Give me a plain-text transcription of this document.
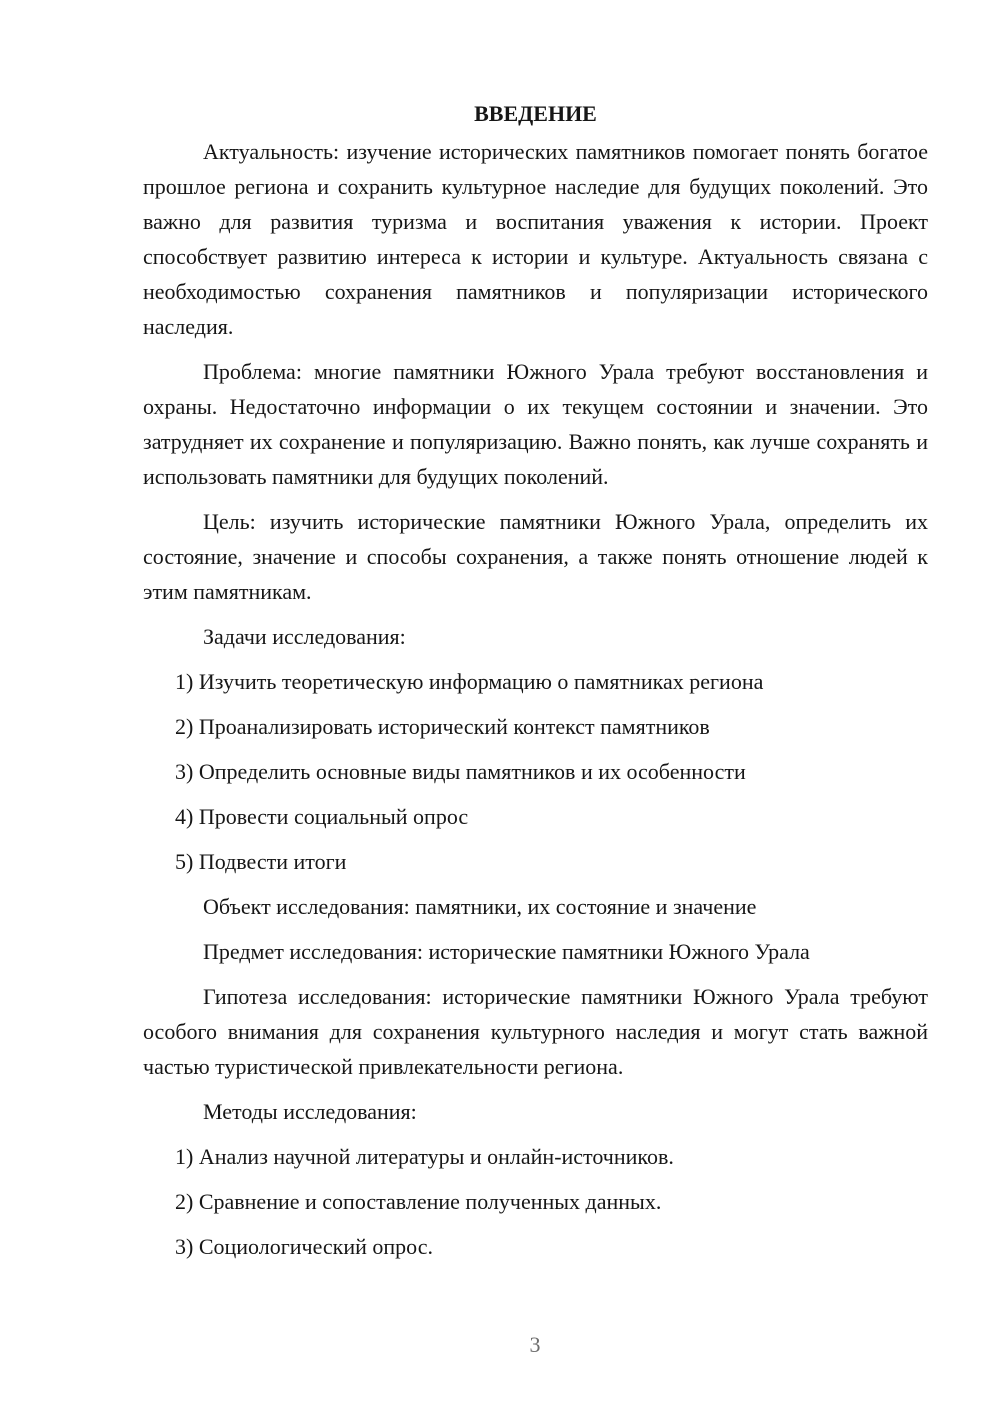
ВВЕДЕНИЕ

Актуальность: изучение исторических памятников помогает понять богатое прошлое региона и сохранить культурное наследие для будущих поколений. Это важно для развития туризма и воспитания уважения к истории. Проект способствует развитию интереса к истории и культуре. Актуальность связана с необходимостью сохранения памятников и популяризации исторического наследия.

Проблема: многие памятники Южного Урала требуют восстановления и охраны. Недостаточно информации о их текущем состоянии и значении. Это затрудняет их сохранение и популяризацию. Важно понять, как лучше сохранять и использовать памятники для будущих поколений.

Цель: изучить исторические памятники Южного Урала, определить их состояние, значение и способы сохранения, а также понять отношение людей к этим памятникам.

Задачи исследования:
1) Изучить теоретическую информацию о памятниках региона
2) Проанализировать исторический контекст памятников
3) Определить основные виды памятников и их особенности
4) Провести социальный опрос
5) Подвести итоги
Объект исследования: памятники, их состояние и значение
Предмет исследования: исторические памятники Южного Урала

Гипотеза исследования: исторические памятники Южного Урала требуют особого внимания для сохранения культурного наследия и могут стать важной частью туристической привлекательности региона.

Методы исследования:
1) Анализ научной литературы и онлайн-источников.
2) Сравнение и сопоставление полученных данных.
3) Социологический опрос.
3
